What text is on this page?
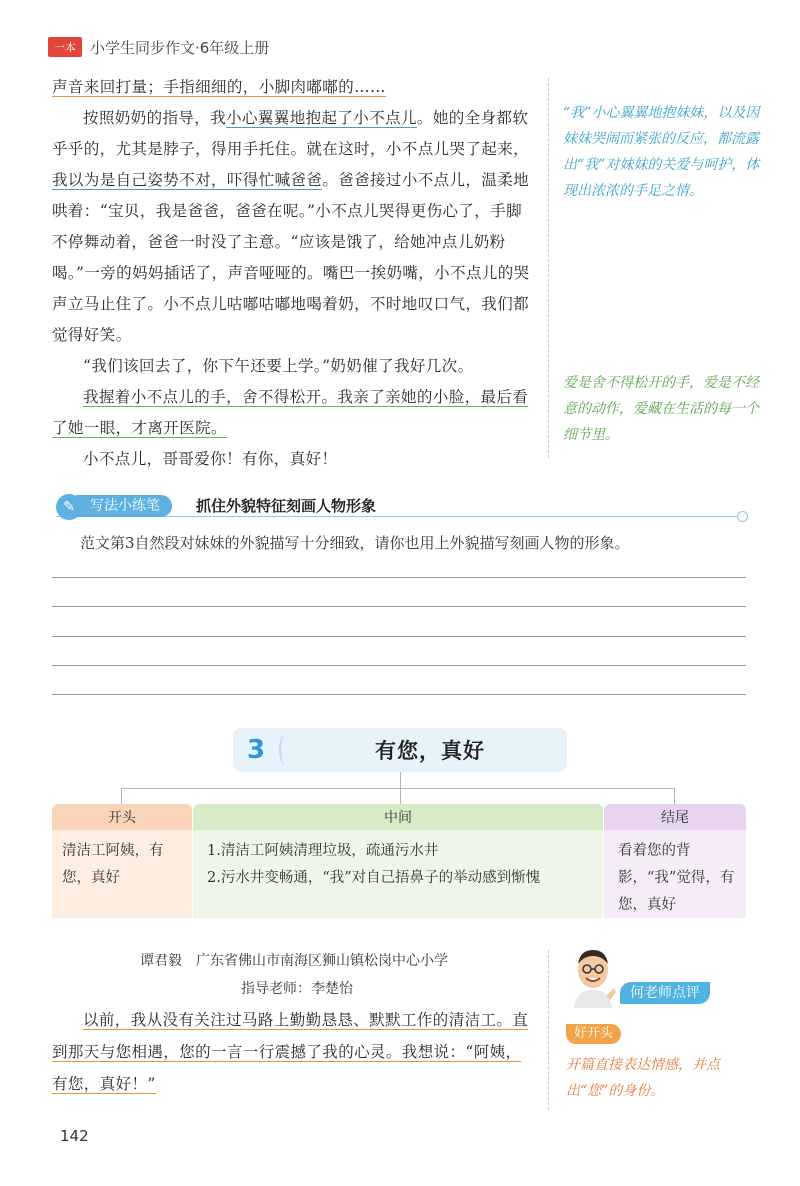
一本 小学生同步作文·6年级上册

声音来回打量；手指细细的，小脚肉嘟嘟的……

按照奶奶的指导，我小心翼翼地抱起了小不点儿。她的全身都软乎乎的，尤其是脖子，得用手托住。就在这时，小不点儿哭了起来，我以为是自己姿势不对，吓得忙喊爸爸。爸爸接过小不点儿，温柔地哄着：“宝贝，我是爸爸，爸爸在呢。”小不点儿哭得更伤心了，手脚不停舞动着，爸爸一时没了主意。“应该是饿了，给她冲点儿奶粉喝。”一旁的妈妈插话了，声音哑哑的。嘴巴一挨奶嘴，小不点儿的哭声立马止住了。小不点儿咕嘟咕嘟地喝着奶，不时地叹口气，我们都觉得好笑。

“我们该回去了，你下午还要上学。”奶奶催了我好几次。

我握着小不点儿的手，舍不得松开。我亲了亲她的小脸，最后看了她一眼，才离开医院。

小不点儿，哥哥爱你！有你，真好！

“我”小心翼翼地抱妹妹，以及因妹妹哭闹而紧张的反应，都流露出“我”对妹妹的关爱与呵护，体现出浓浓的手足之情。
爱是舍不得松开的手，爱是不经意的动作，爱藏在生活的每一个细节里。
写法小练笔
✎	抓住外貌特征刻画人物形象
范文第3自然段对妹妹的外貌描写十分细致，请你也用上外貌描写刻画人物的形象。
3	有您，真好
开头
清洁工阿姨，有您，真好
中间
1.清洁工阿姨清理垃圾，疏通污水井
2.污水井变畅通，“我”对自己捂鼻子的举动感到惭愧
结尾
看着您的背影，“我”觉得，有您，真好
谭君毅　广东省佛山市南海区狮山镇松岗中心小学
指导老师：李楚怡

以前，我从没有关注过马路上勤勤恳恳、默默工作的清洁工。直到那天与您相遇，您的一言一行震撼了我的心灵。我想说：“阿姨，有您，真好！”

何老师点评
好开头
开篇直接表达情感，并点出“您”的身份。
142
